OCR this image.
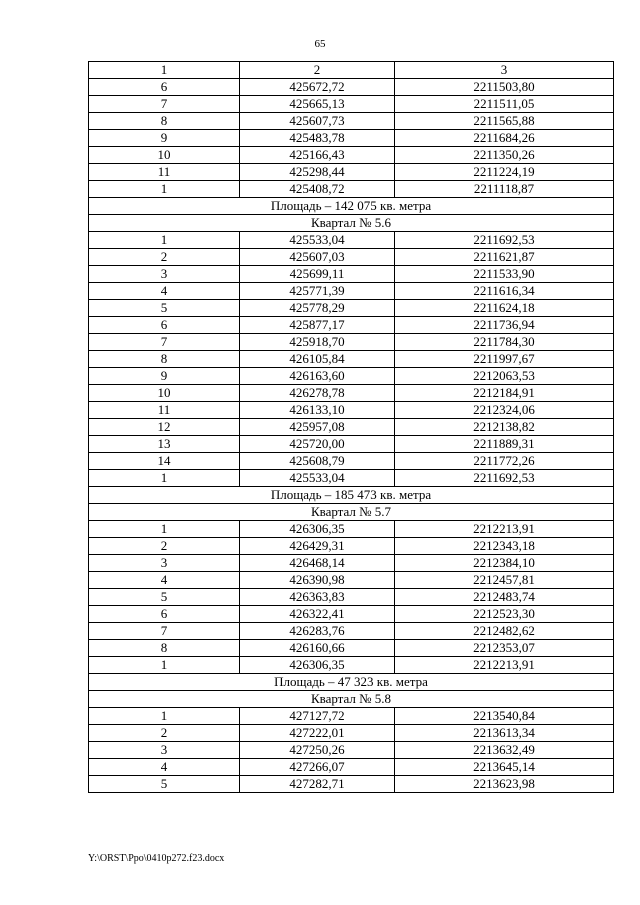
65
1	2	3
6	425672,72	2211503,80
7	425665,13	2211511,05
8	425607,73	2211565,88
9	425483,78	2211684,26
10	425166,43	2211350,26
11	425298,44	2211224,19
1	425408,72	2211118,87
Площадь – 142 075 кв. метра		
Квартал № 5.6		
1	425533,04	2211692,53
2	425607,03	2211621,87
3	425699,11	2211533,90
4	425771,39	2211616,34
5	425778,29	2211624,18
6	425877,17	2211736,94
7	425918,70	2211784,30
8	426105,84	2211997,67
9	426163,60	2212063,53
10	426278,78	2212184,91
11	426133,10	2212324,06
12	425957,08	2212138,82
13	425720,00	2211889,31
14	425608,79	2211772,26
1	425533,04	2211692,53
Площадь – 185 473 кв. метра		
Квартал № 5.7		
1	426306,35	2212213,91
2	426429,31	2212343,18
3	426468,14	2212384,10
4	426390,98	2212457,81
5	426363,83	2212483,74
6	426322,41	2212523,30
7	426283,76	2212482,62
8	426160,66	2212353,07
1	426306,35	2212213,91
Площадь – 47 323 кв. метра		
Квартал № 5.8		
1	427127,72	2213540,84
2	427222,01	2213613,34
3	427250,26	2213632,49
4	427266,07	2213645,14
5	427282,71	2213623,98
Y:\ORST\Ppo\0410p272.f23.docx
